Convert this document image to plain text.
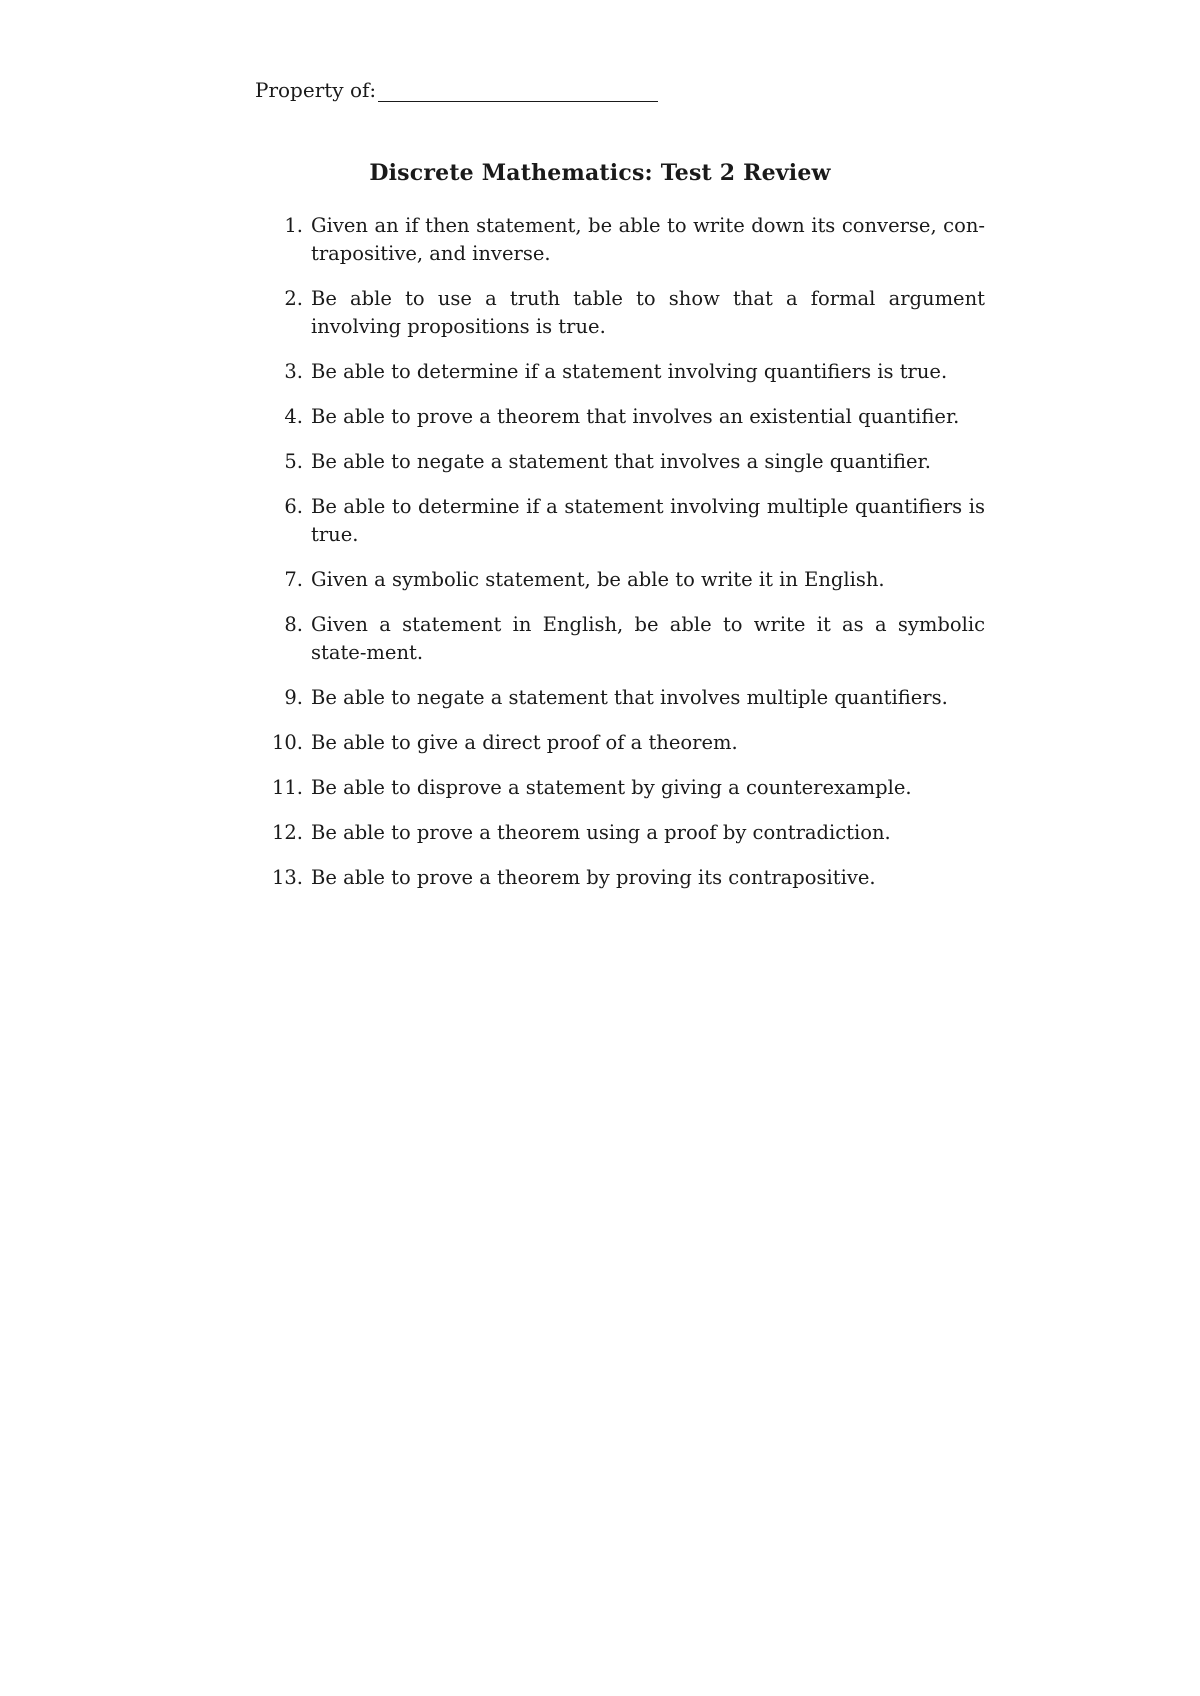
Property of:
Discrete Mathematics: Test 2 Review
1. Given an if then statement, be able to write down its converse, con-trapositive, and inverse.
2. Be able to use a truth table to show that a formal argument involving propositions is true.
3. Be able to determine if a statement involving quantifiers is true.
4. Be able to prove a theorem that involves an existential quantifier.
5. Be able to negate a statement that involves a single quantifier.
6. Be able to determine if a statement involving multiple quantifiers is true.
7. Given a symbolic statement, be able to write it in English.
8. Given a statement in English, be able to write it as a symbolic state-ment.
9. Be able to negate a statement that involves multiple quantifiers.
10. Be able to give a direct proof of a theorem.
11. Be able to disprove a statement by giving a counterexample.
12. Be able to prove a theorem using a proof by contradiction.
13. Be able to prove a theorem by proving its contrapositive.
